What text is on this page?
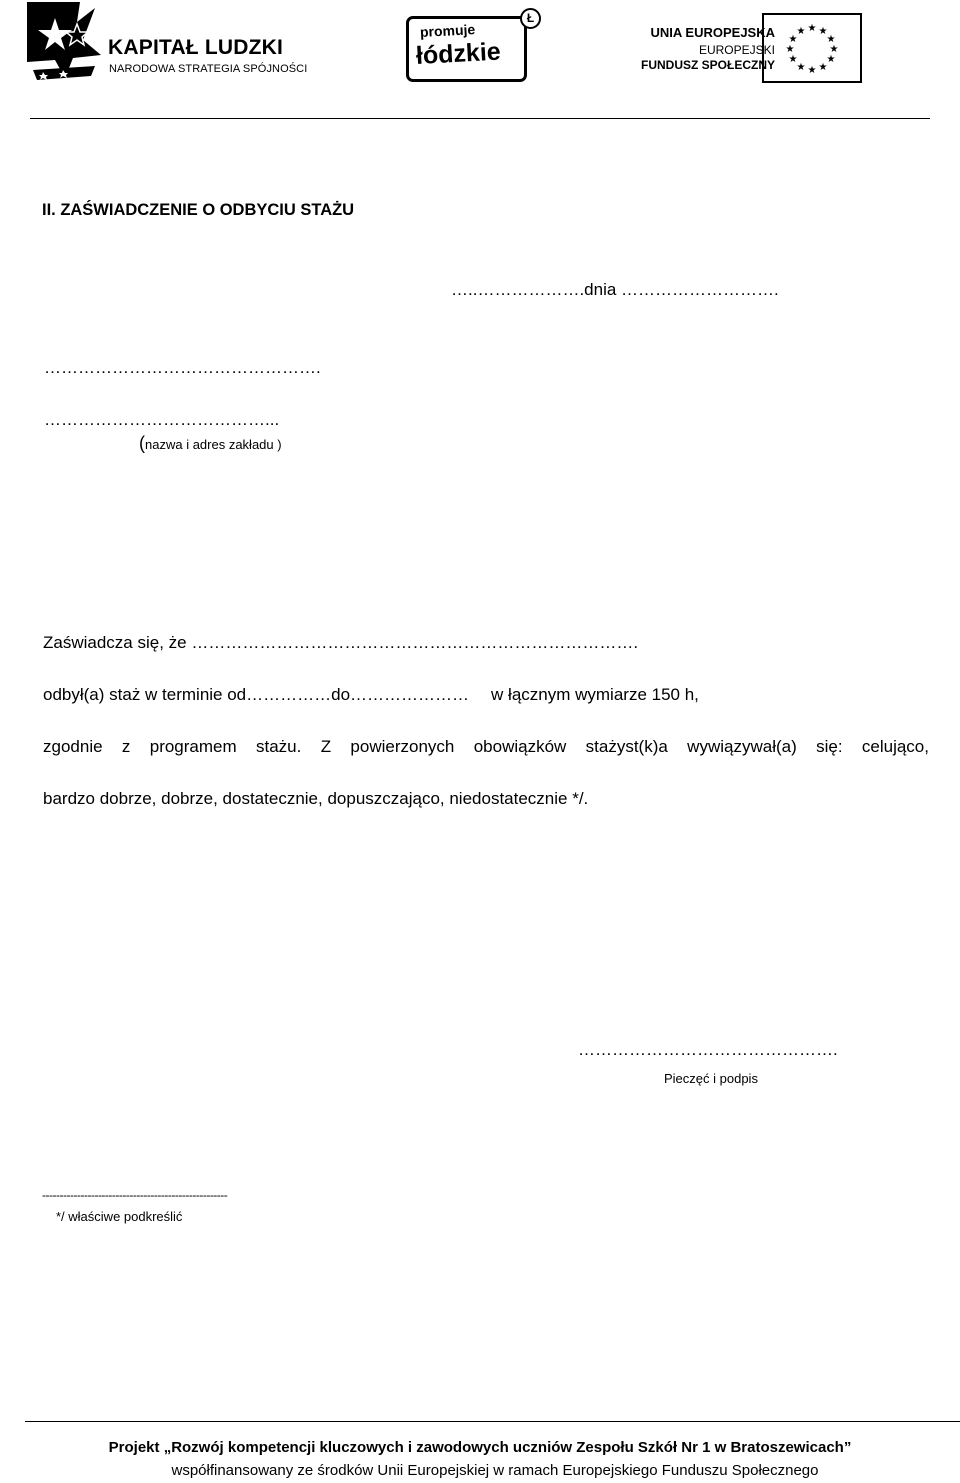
KAPITAŁ LUDZKI
NARODOWA STRATEGIA SPÓJNOŚCI
promuje
łódzkie
Ł
UNIA EUROPEJSKA
EUROPEJSKI
FUNDUSZ SPOŁECZNY
★ ★
★
★
★
★
★
★
★
★
★
★
II. ZAŚWIADCZENIE O ODBYCIU STAŻU
…..……………….dnia ……………………….
………………………………………….
…………………………………...
(nazwa i adres zakładu )
Zaświadcza się, że …………………………………………………………………….
odbył(a) staż w terminie od……………do………………… w łącznym wymiarze 150 h,
zgodnie z programem stażu. Z powierzonych obowiązków stażyst(k)a wywiązywał(a) się: celująco,
bardzo dobrze, dobrze, dostatecznie, dopuszczająco, niedostatecznie */.
……………………………………….
Pieczęć i podpis
-----------------------------------------------------
*/ właściwe podkreślić
Projekt „Rozwój kompetencji kluczowych i zawodowych uczniów Zespołu Szkół Nr 1 w Bratoszewicach”
współfinansowany ze środków Unii Europejskiej w ramach Europejskiego Funduszu Społecznego
